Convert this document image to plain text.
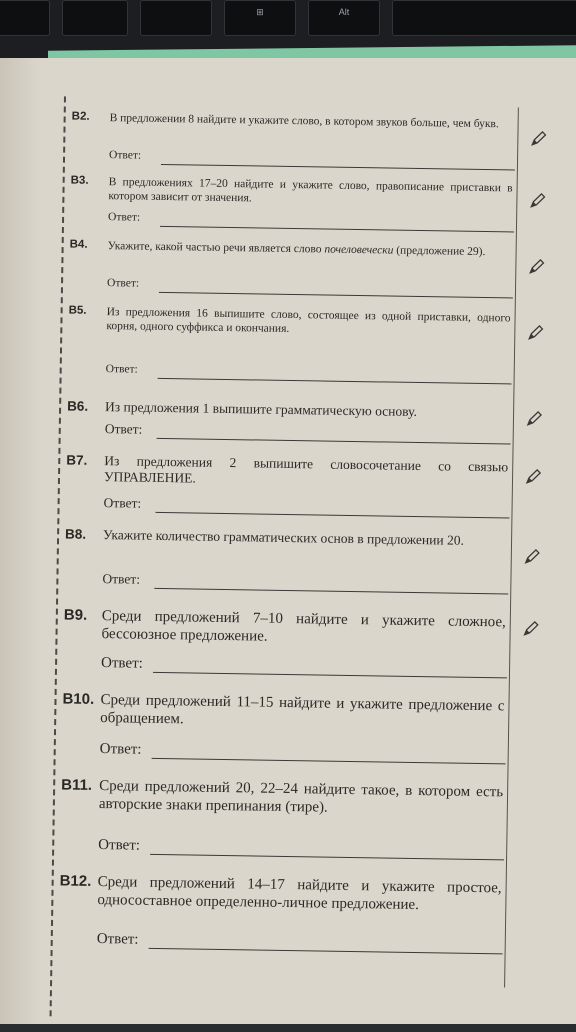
⊞	Alt
В2. В предложении 8 найдите и укажите слово, в котором звуков больше, чем букв.
Ответ:
В3. В предложениях 17–20 найдите и укажите слово, правописание приставки в котором зависит от значения.
Ответ:
В4. Укажите, какой частью речи является слово почеловечески (предложение 29).
Ответ:
В5. Из предложения 16 выпишите слово, состоящее из одной приставки, одного корня, одного суффикса и окончания.
Ответ:
В6. Из предложения 1 выпишите грамматическую основу.
Ответ:
В7. Из предложения 2 выпишите словосочетание со связью УПРАВЛЕНИЕ.
Ответ:
В8. Укажите количество грамматических основ в предложении 20.
Ответ:
В9. Среди предложений 7–10 найдите и укажите сложное, бессоюзное предложение.
Ответ:
В10. Среди предложений 11–15 найдите и укажите предложение с обращением.
Ответ:
В11. Среди предложений 20, 22–24 найдите такое, в котором есть авторские знаки препинания (тире).
Ответ:
В12. Среди предложений 14–17 найдите и укажите простое, односоставное определенно-личное предложение.
Ответ:
